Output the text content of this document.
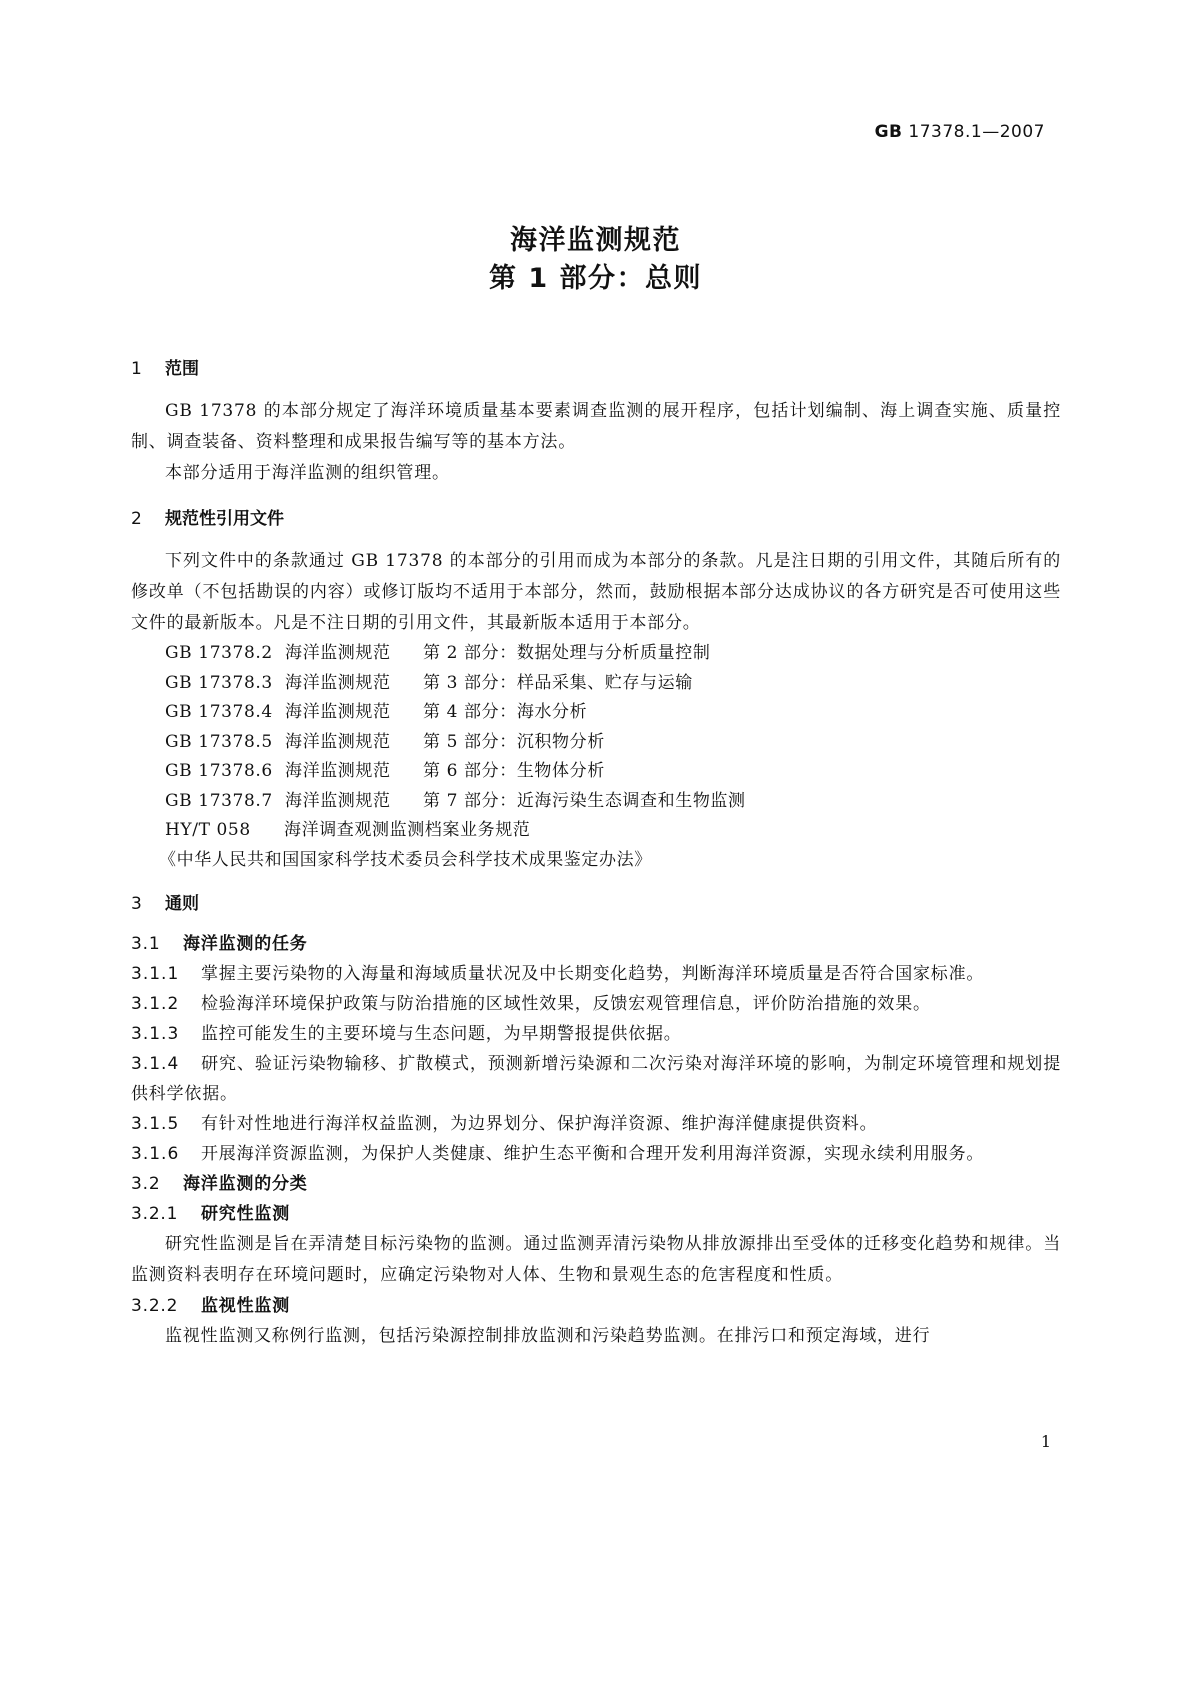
GB 17378.1—2007
海洋监测规范
第 1 部分：总则
1	范围

GB 17378 的本部分规定了海洋环境质量基本要素调查监测的展开程序，包括计划编制、海上调查实施、质量控制、调查装备、资料整理和成果报告编写等的基本方法。

本部分适用于海洋监测的组织管理。

2	规范性引用文件

下列文件中的条款通过 GB 17378 的本部分的引用而成为本部分的条款。凡是注日期的引用文件，其随后所有的修改单（不包括勘误的内容）或修订版均不适用于本部分，然而，鼓励根据本部分达成协议的各方研究是否可使用这些文件的最新版本。凡是不注日期的引用文件，其最新版本适用于本部分。

GB 17378.2 海洋监测规范 第 2 部分：数据处理与分析质量控制
GB 17378.3 海洋监测规范 第 3 部分：样品采集、贮存与运输
GB 17378.4 海洋监测规范 第 4 部分：海水分析
GB 17378.5 海洋监测规范 第 5 部分：沉积物分析
GB 17378.6 海洋监测规范 第 6 部分：生物体分析
GB 17378.7 海洋监测规范 第 7 部分：近海污染生态调查和生物监测
HY/T 058 海洋调查观测监测档案业务规范
《中华人民共和国国家科学技术委员会科学技术成果鉴定办法》
3	通则
3.1 海洋监测的任务

3.1.1 掌握主要污染物的入海量和海域质量状况及中长期变化趋势，判断海洋环境质量是否符合国家标准。

3.1.2 检验海洋环境保护政策与防治措施的区域性效果，反馈宏观管理信息，评价防治措施的效果。

3.1.3 监控可能发生的主要环境与生态问题，为早期警报提供依据。

3.1.4 研究、验证污染物输移、扩散模式，预测新增污染源和二次污染对海洋环境的影响，为制定环境管理和规划提供科学依据。

3.1.5 有针对性地进行海洋权益监测，为边界划分、保护海洋资源、维护海洋健康提供资料。

3.1.6 开展海洋资源监测，为保护人类健康、维护生态平衡和合理开发利用海洋资源，实现永续利用服务。

3.2 海洋监测的分类
3.2.1 研究性监测

研究性监测是旨在弄清楚目标污染物的监测。通过监测弄清污染物从排放源排出至受体的迁移变化趋势和规律。当监测资料表明存在环境问题时，应确定污染物对人体、生物和景观生态的危害程度和性质。

3.2.2 监视性监测

监视性监测又称例行监测，包括污染源控制排放监测和污染趋势监测。在排污口和预定海域，进行

1
